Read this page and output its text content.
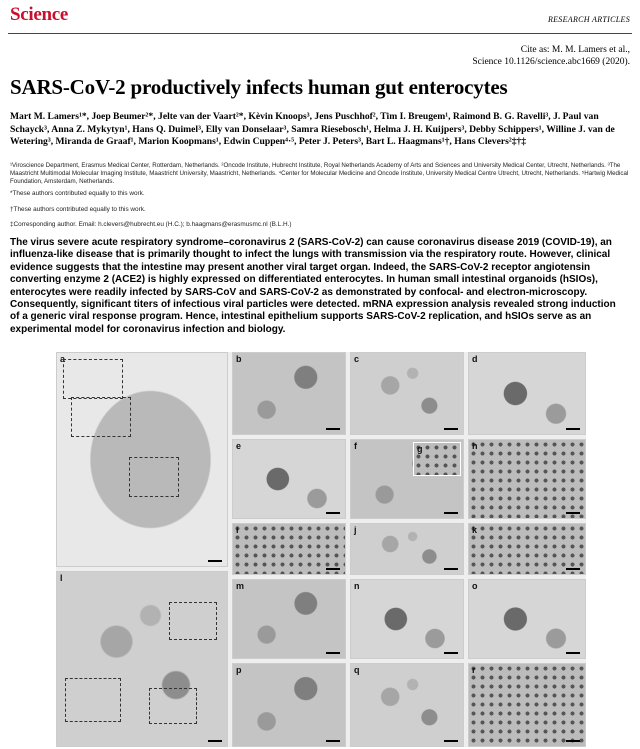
Science	RESEARCH ARTICLES
Cite as: M. M. Lamers et al.,
Science 10.1126/science.abc1669 (2020).
SARS-CoV-2 productively infects human gut enterocytes
Mart M. Lamers¹*, Joep Beumer²*, Jelte van der Vaart²*, Kèvin Knoops³, Jens Puschhof², Tim I. Breugem¹, Raimond B. G. Ravelli³, J. Paul van Schayck³, Anna Z. Mykytyn¹, Hans Q. Duimel³, Elly van Donselaar³, Samra Riesebosch¹, Helma J. H. Kuijpers³, Debby Schippers¹, Willine J. van de Wetering³, Miranda de Graaf¹, Marion Koopmans¹, Edwin Cuppen⁴·⁵, Peter J. Peters³, Bart L. Haagmans¹†, Hans Clevers²‡†‡
¹Viroscience Department, Erasmus Medical Center, Rotterdam, Netherlands. ²Oncode Institute, Hubrecht Institute, Royal Netherlands Academy of Arts and Sciences and University Medical Center, Utrecht, Netherlands. ³The Maastricht Multimodal Molecular Imaging Institute, Maastricht University, Maastricht, Netherlands. ⁴Center for Molecular Medicine and Oncode Institute, University Medical Centre Utrecht, Utrecht, Netherlands. ⁵Hartwig Medical Foundation, Amsterdam, Netherlands.
*These authors contributed equally to this work.
†These authors contributed equally to this work.
‡Corresponding author. Email: h.clevers@hubrecht.eu (H.C.); b.haagmans@erasmusmc.nl (B.L.H.)
The virus severe acute respiratory syndrome–coronavirus 2 (SARS-CoV-2) can cause coronavirus disease 2019 (COVID-19), an influenza-like disease that is primarily thought to infect the lungs with transmission via the respiratory route. However, clinical evidence suggests that the intestine may present another viral target organ. Indeed, the SARS-CoV-2 receptor angiotensin converting enzyme 2 (ACE2) is highly expressed on differentiated enterocytes. In human small intestinal organoids (hSIOs), enterocytes were readily infected by SARS-CoV and SARS-CoV-2 as demonstrated by confocal- and electron-microscopy. Consequently, significant titers of infectious viral particles were detected. mRNA expression analysis revealed strong induction of a generic viral response program. Hence, intestinal epithelium supports SARS-CoV-2 replication, and hSIOs serve as an experimental model for coronavirus infection and biology.
a	b	c	d
e	f	g	h
i	j	k
l
m	n	o
p	q	r
